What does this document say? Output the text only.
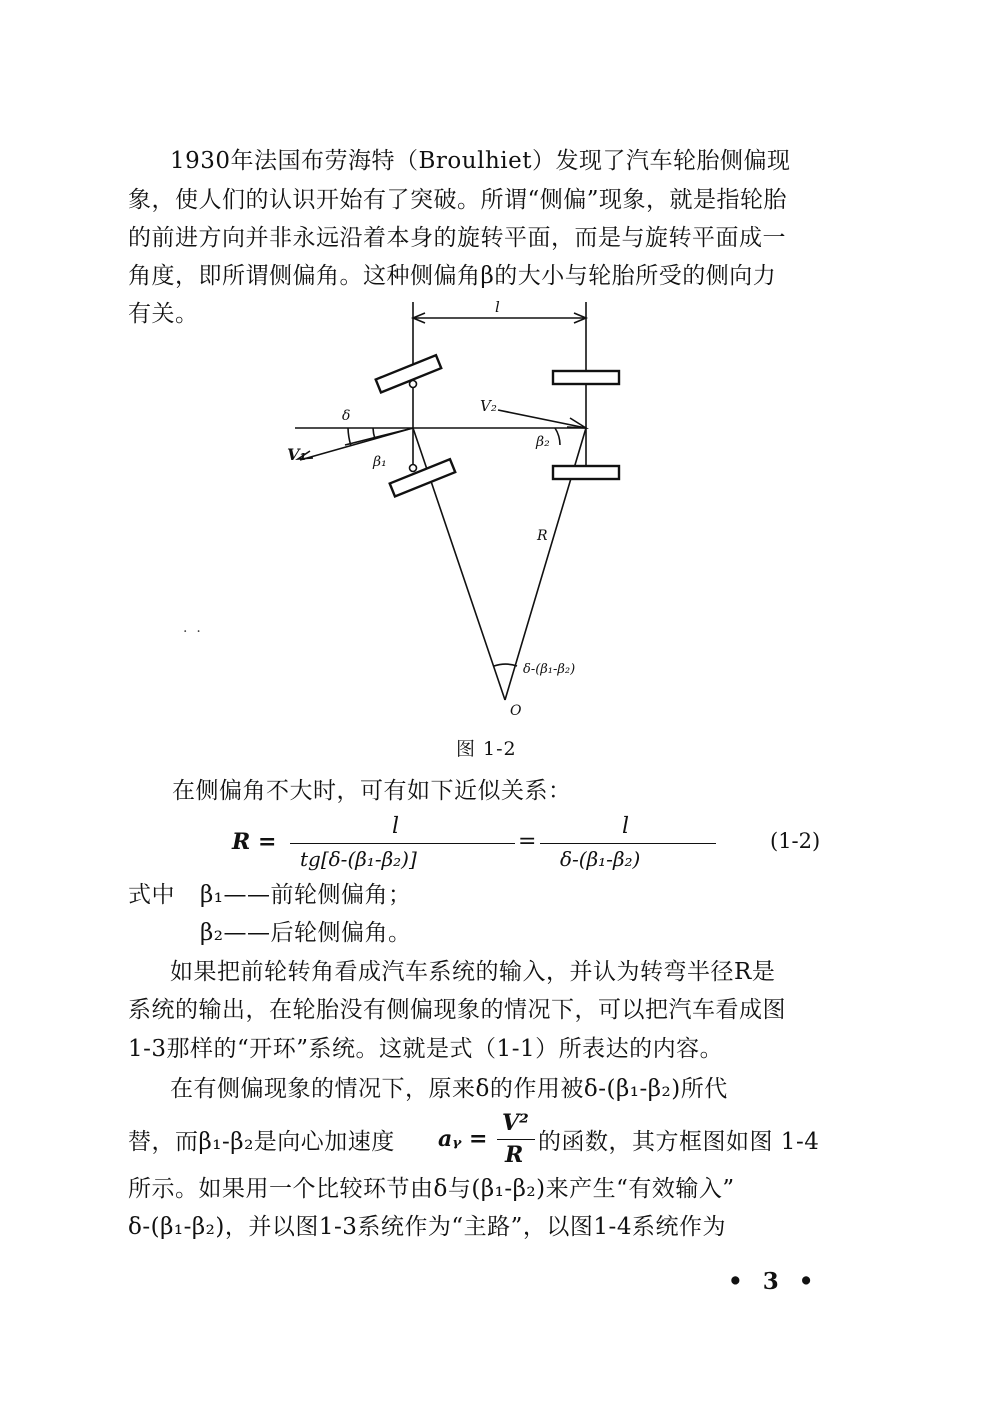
1930年法国布劳海特（Broulhiet）发现了汽车轮胎侧偏现
象，使人们的认识开始有了突破。所谓“侧偏”现象，就是指轮胎
的前进方向并非永远沿着本身的旋转平面，而是与旋转平面成一
角度，即所谓侧偏角。这种侧偏角β的大小与轮胎所受的侧向力
有关。	l
δ
V₁
V₂
β₁
β₂
R
O
δ-(β₁-β₂)
·  ·
图 1-2
在侧偏角不大时，可有如下近似关系：
R =
l
tg[δ-(β₁-β₂)]
=
l
δ-(β₁-β₂)
(1-2)
式中 β₁——前轮侧偏角；
β₂——后轮侧偏角。
如果把前轮转角看成汽车系统的输入，并认为转弯半径R是
系统的输出，在轮胎没有侧偏现象的情况下，可以把汽车看成图
1-3那样的“开环”系统。这就是式（1-1）所表达的内容。
在有侧偏现象的情况下，原来δ的作用被δ-(β₁-β₂)所代
替，而β₁-β₂是向心加速度 aᵧ =
V²
R 的函数，其方框图如图 1-4
所示。如果用一个比较环节由δ与(β₁-β₂)来产生“有效输入”
δ-(β₁-β₂)，并以图1-3系统作为“主路”，以图1-4系统作为
• 3 •
